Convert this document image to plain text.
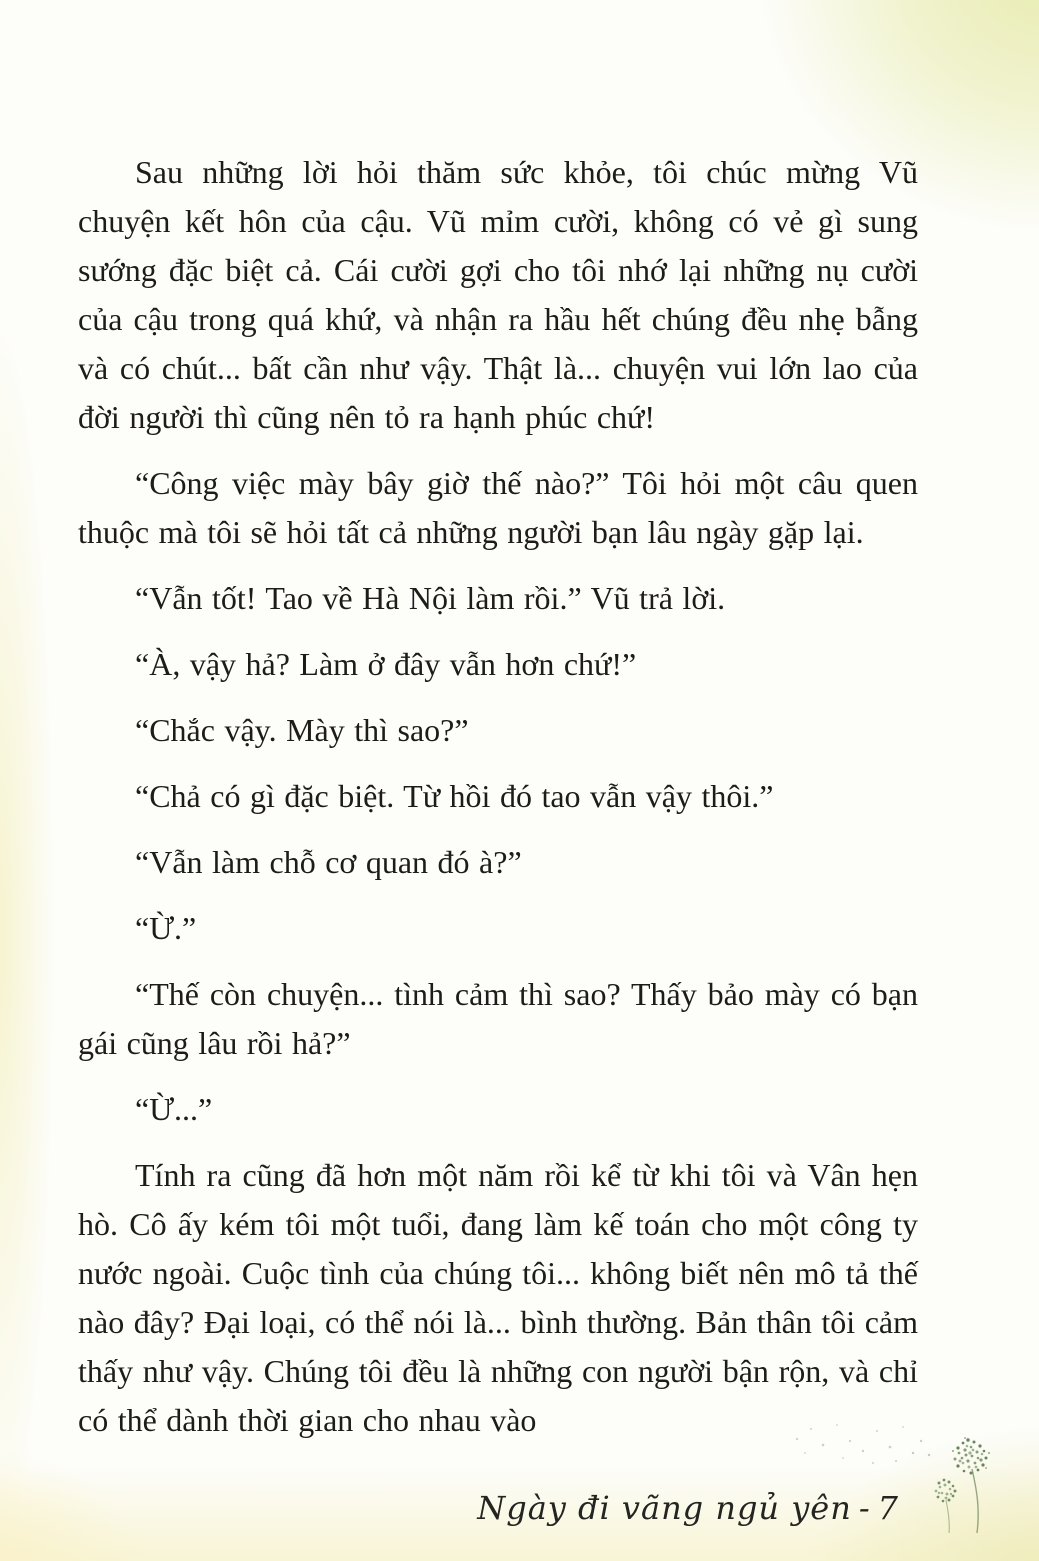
Sau những lời hỏi thăm sức khỏe, tôi chúc mừng Vũ chuyện kết hôn của cậu. Vũ mỉm cười, không có vẻ gì sung sướng đặc biệt cả. Cái cười gợi cho tôi nhớ lại những nụ cười của cậu trong quá khứ, và nhận ra hầu hết chúng đều nhẹ bẫng và có chút... bất cần như vậy. Thật là... chuyện vui lớn lao của đời người thì cũng nên tỏ ra hạnh phúc chứ!

“Công việc mày bây giờ thế nào?” Tôi hỏi một câu quen thuộc mà tôi sẽ hỏi tất cả những người bạn lâu ngày gặp lại.

“Vẫn tốt! Tao về Hà Nội làm rồi.” Vũ trả lời.

“À, vậy hả? Làm ở đây vẫn hơn chứ!”

“Chắc vậy. Mày thì sao?”

“Chả có gì đặc biệt. Từ hồi đó tao vẫn vậy thôi.”

“Vẫn làm chỗ cơ quan đó à?”

“Ừ.”

“Thế còn chuyện... tình cảm thì sao? Thấy bảo mày có bạn gái cũng lâu rồi hả?”

“Ừ...”

Tính ra cũng đã hơn một năm rồi kể từ khi tôi và Vân hẹn hò. Cô ấy kém tôi một tuổi, đang làm kế toán cho một công ty nước ngoài. Cuộc tình của chúng tôi... không biết nên mô tả thế nào đây? Đại loại, có thể nói là... bình thường. Bản thân tôi cảm thấy như vậy. Chúng tôi đều là những con người bận rộn, và chỉ có thể dành thời gian cho nhau vào

Ngày đi vãng ngủ yên - 7
